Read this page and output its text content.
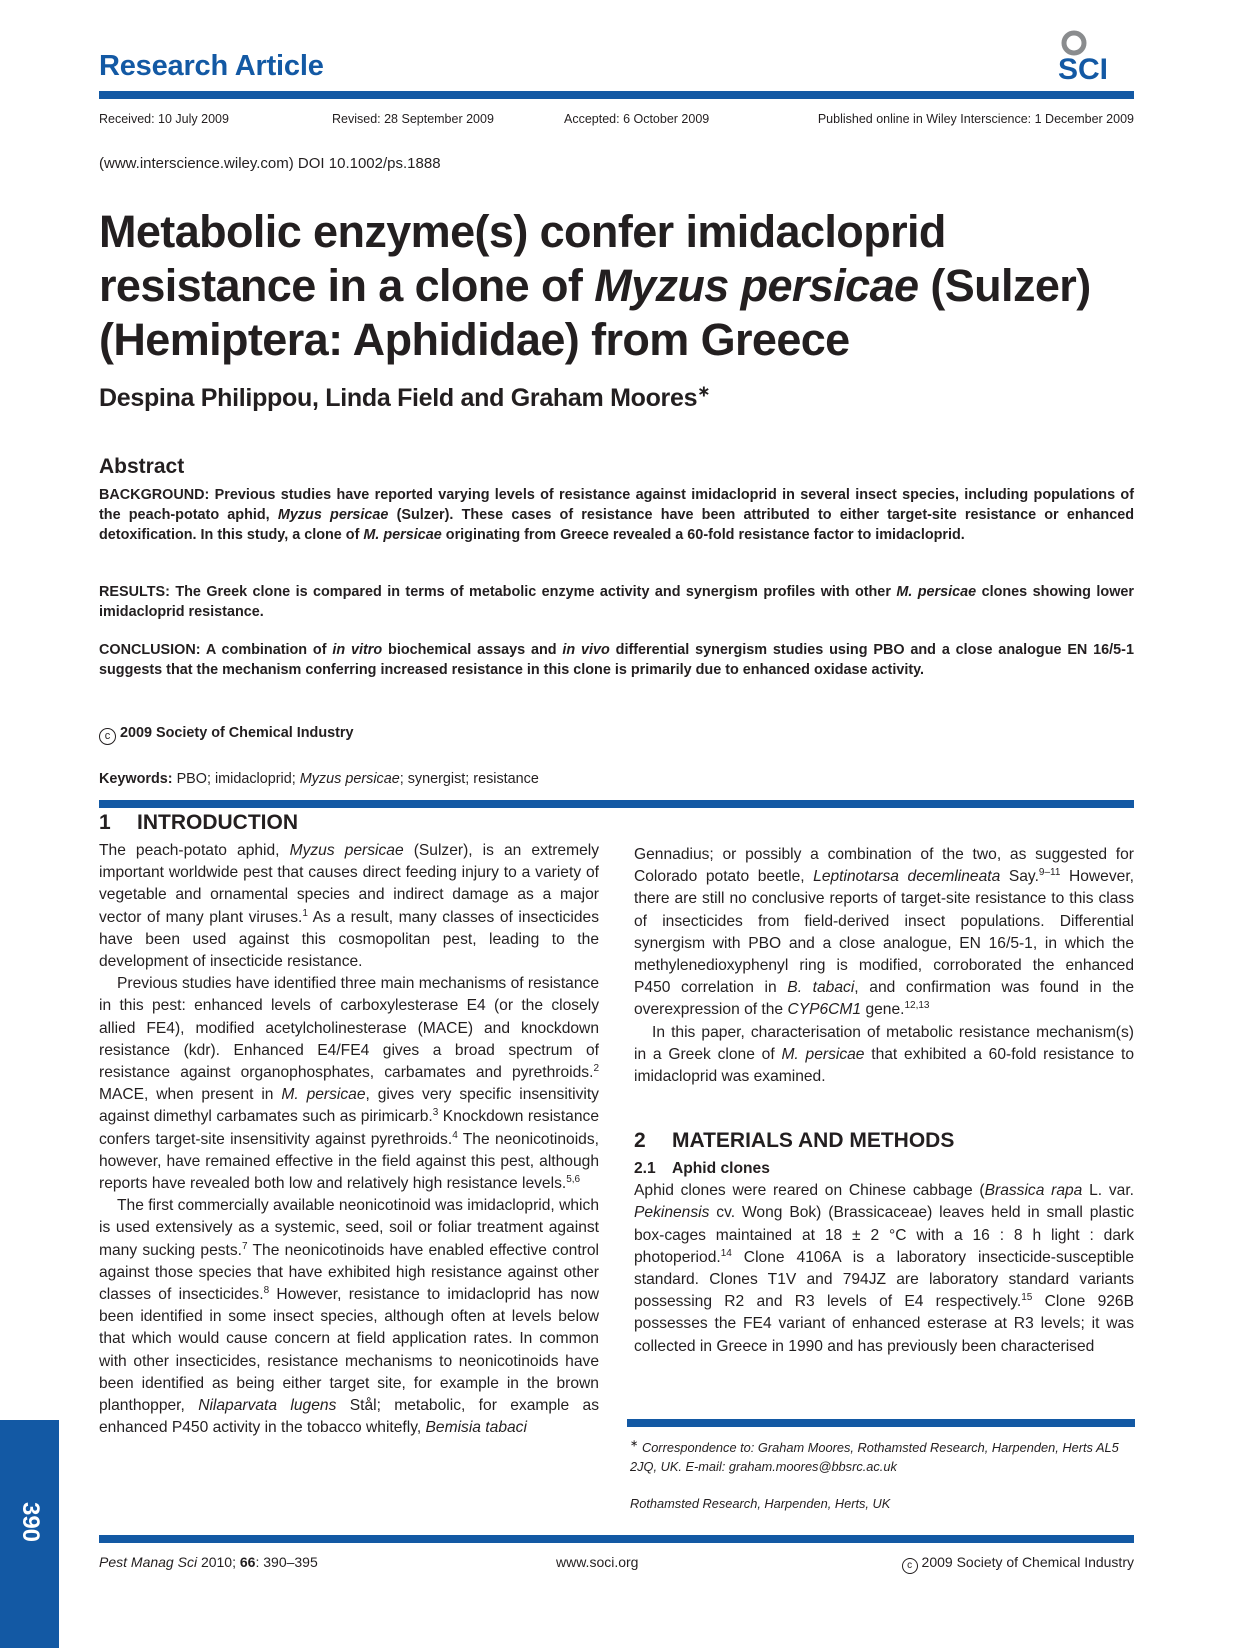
Research Article	SCI
Received: 10 July 2009	Revised: 28 September 2009	Accepted: 6 October 2009	Published online in Wiley Interscience: 1 December 2009
(www.interscience.wiley.com) DOI 10.1002/ps.1888
Metabolic enzyme(s) confer imidacloprid
resistance in a clone of Myzus persicae (Sulzer)
(Hemiptera: Aphididae) from Greece
Despina Philippou, Linda Field and Graham Moores∗
Abstract

BACKGROUND: Previous studies have reported varying levels of resistance against imidacloprid in several insect species, including populations of the peach-potato aphid, Myzus persicae (Sulzer). These cases of resistance have been attributed to either target-site resistance or enhanced detoxification. In this study, a clone of M. persicae originating from Greece revealed a 60-fold resistance factor to imidacloprid.

RESULTS: The Greek clone is compared in terms of metabolic enzyme activity and synergism profiles with other M. persicae clones showing lower imidacloprid resistance.

CONCLUSION: A combination of in vitro biochemical assays and in vivo differential synergism studies using PBO and a close analogue EN 16/5-1 suggests that the mechanism conferring increased resistance in this clone is primarily due to enhanced oxidase activity.

c 2009 Society of Chemical Industry
Keywords: PBO; imidacloprid; Myzus persicae; synergist; resistance
1 INTRODUCTION

The peach-potato aphid, Myzus persicae (Sulzer), is an extremely important worldwide pest that causes direct feeding injury to a variety of vegetable and ornamental species and indirect damage as a major vector of many plant viruses.$^1$ As a result, many classes of insecticides have been used against this cosmopolitan pest, leading to the development of insecticide resistance.

Previous studies have identified three main mechanisms of resistance in this pest: enhanced levels of carboxylesterase E4 (or the closely allied FE4), modified acetylcholinesterase (MACE) and knockdown resistance (kdr). Enhanced E4/FE4 gives a broad spectrum of resistance against organophosphates, carbamates and pyrethroids.$^2$ MACE, when present in M. persicae, gives very specific insensitivity against dimethyl carbamates such as pirimicarb.$^3$ Knockdown resistance confers target-site insensitivity against pyrethroids.$^4$ The neonicotinoids, however, have remained effective in the field against this pest, although reports have revealed both low and relatively high resistance levels.$^{5,6}$

The first commercially available neonicotinoid was imidacloprid, which is used extensively as a systemic, seed, soil or foliar treatment against many sucking pests.$^7$ The neonicotinoids have enabled effective control against those species that have exhibited high resistance against other classes of insecticides.$^8$ However, resistance to imidacloprid has now been identified in some insect species, although often at levels below that which would cause concern at field application rates. In common with other insecticides, resistance mechanisms to neonicotinoids have been identified as being either target site, for example in the brown planthopper, Nilaparvata lugens Stål; metabolic, for example as enhanced P450 activity in the tobacco whitefly, Bemisia tabaci

Gennadius; or possibly a combination of the two, as suggested for Colorado potato beetle, Leptinotarsa decemlineata Say.$^{9-11}$ However, there are still no conclusive reports of target-site resistance to this class of insecticides from field-derived insect populations. Differential synergism with PBO and a close analogue, EN 16/5-1, in which the methylenedioxyphenyl ring is modified, corroborated the enhanced P450 correlation in B. tabaci, and confirmation was found in the overexpression of the CYP6CM1 gene.$^{12,13}$

In this paper, characterisation of metabolic resistance mechanism(s) in a Greek clone of M. persicae that exhibited a 60-fold resistance to imidacloprid was examined.

2 MATERIALS AND METHODS
2.1 Aphid clones

Aphid clones were reared on Chinese cabbage (Brassica rapa L. var. Pekinensis cv. Wong Bok) (Brassicaceae) leaves held in small plastic box-cages maintained at 18 ± 2 °C with a 16 : 8 h light : dark photoperiod.$^{14}$ Clone 4106A is a laboratory insecticide-susceptible standard. Clones T1V and 794JZ are laboratory standard variants possessing R2 and R3 levels of E4 respectively.$^{15}$ Clone 926B possesses the FE4 variant of enhanced esterase at R3 levels; it was collected in Greece in 1990 and has previously been characterised

∗ Correspondence to: Graham Moores, Rothamsted Research, Harpenden, Herts AL5 2JQ, UK. E-mail: graham.moores@bbsrc.ac.uk

Rothamsted Research, Harpenden, Herts, UK

390
Pest Manag Sci 2010; 66: 390–395	www.soci.org	c 2009 Society of Chemical Industry
